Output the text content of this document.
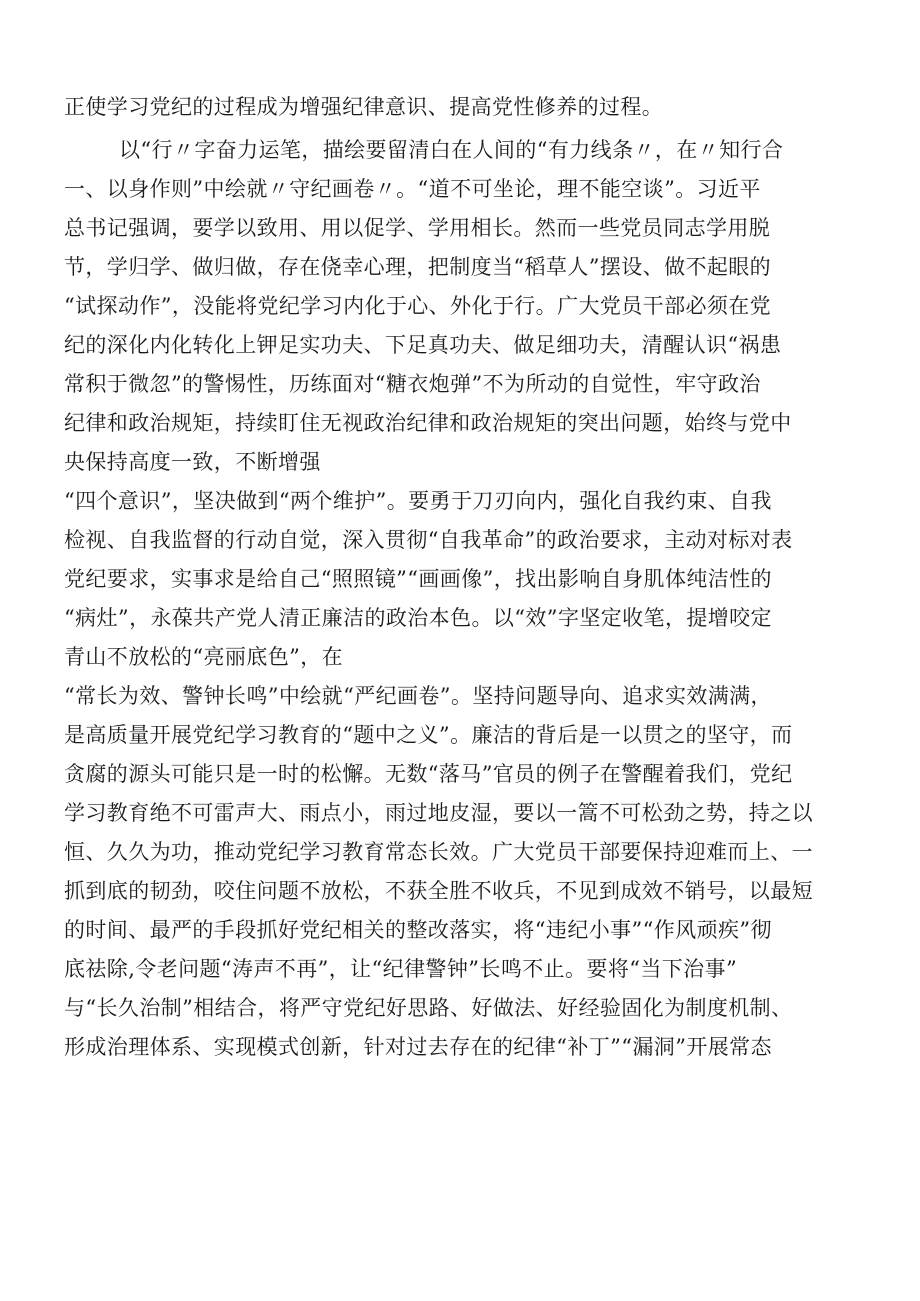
正使学习党纪的过程成为增强纪律意识、提高党性修养的过程。
以“行〃字奋力运笔，描绘要留清白在人间的“有力线条〃，在〃知行合
一、以身作则”中绘就〃守纪画卷〃。“道不可坐论，理不能空谈”。习近平
总书记强调，要学以致用、用以促学、学用相长。然而一些党员同志学用脱
节，学归学、做归做，存在侥幸心理，把制度当“稻草人”摆设、做不起眼的
“试探动作”，没能将党纪学习内化于心、外化于行。广大党员干部必须在党
纪的深化内化转化上钾足实功夫、下足真功夫、做足细功夫，清醒认识“祸患
常积于微忽”的警惕性，历练面对“糖衣炮弹”不为所动的自觉性，牢守政治
纪律和政治规矩，持续盯住无视政治纪律和政治规矩的突出问题，始终与党中
央保持高度一致，不断增强
“四个意识”，坚决做到“两个维护”。要勇于刀刃向内，强化自我约束、自我
检视、自我监督的行动自觉，深入贯彻“自我革命”的政治要求，主动对标对表
党纪要求，实事求是给自己“照照镜”“画画像”，找出影响自身肌体纯洁性的
“病灶”，永葆共产党人清正廉洁的政治本色。以“效”字坚定收笔，提增咬定
青山不放松的“亮丽底色”，在
“常长为效、警钟长鸣”中绘就“严纪画卷”。坚持问题导向、追求实效满满，
是高质量开展党纪学习教育的“题中之义”。廉洁的背后是一以贯之的坚守，而
贪腐的源头可能只是一时的松懈。无数“落马”官员的例子在警醒着我们，党纪
学习教育绝不可雷声大、雨点小，雨过地皮湿，要以一篙不可松劲之势，持之以
恒、久久为功，推动党纪学习教育常态长效。广大党员干部要保持迎难而上、一
抓到底的韧劲，咬住问题不放松，不获全胜不收兵，不见到成效不销号，以最短
的时间、最严的手段抓好党纪相关的整改落实，将“违纪小事”“作风顽疾”彻
底祛除,令老问题“涛声不再”，让“纪律警钟”长鸣不止。要将“当下治事”
与“长久治制”相结合，将严守党纪好思路、好做法、好经验固化为制度机制、
形成治理体系、实现模式创新，针对过去存在的纪律“补丁”“漏洞”开展常态
